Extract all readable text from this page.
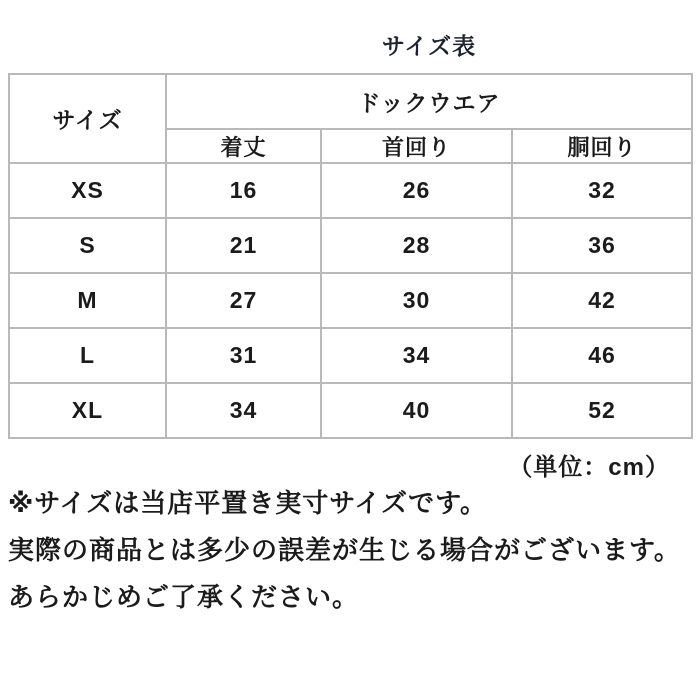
サイズ表
サイズ	ドックウエア		
	着丈	首回り	胴回り
XS	16	26	32
S	21	28	36
M	27	30	42
L	31	34	46
XL	34	40	52
（単位：cm）

※サイズは当店平置き実寸サイズです。

実際の商品とは多少の誤差が生じる場合がございます。

あらかじめご了承ください。
